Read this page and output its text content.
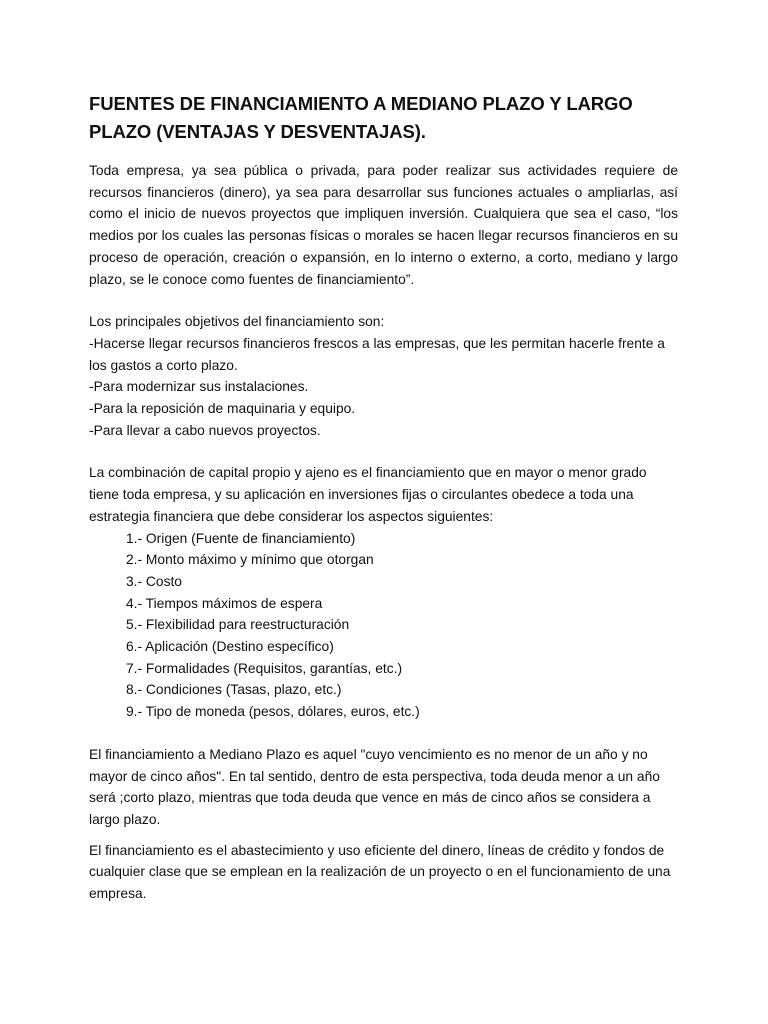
FUENTES DE FINANCIAMIENTO A MEDIANO PLAZO Y LARGO PLAZO (VENTAJAS Y DESVENTAJAS).

Toda empresa, ya sea pública o privada, para poder realizar sus actividades requiere de recursos financieros (dinero), ya sea para desarrollar sus funciones actuales o ampliarlas, así como el inicio de nuevos proyectos que impliquen inversión. Cualquiera que sea el caso, “los medios por los cuales las personas físicas o morales se hacen llegar recursos financieros en su proceso de operación, creación o expansión, en lo interno o externo, a corto, mediano y largo plazo, se le conoce como fuentes de financiamiento”.

Los principales objetivos del financiamiento son:
-Hacerse llegar recursos financieros frescos a las empresas, que les permitan hacerle frente a los gastos a corto plazo.
-Para modernizar sus instalaciones.
-Para la reposición de maquinaria y equipo.
-Para llevar a cabo nuevos proyectos.

La combinación de capital propio y ajeno es el financiamiento que en mayor o menor grado tiene toda empresa, y su aplicación en inversiones fijas o circulantes obedece a toda una estrategia financiera que debe considerar los aspectos siguientes:

1.- Origen (Fuente de financiamiento)
2.- Monto máximo y mínimo que otorgan
3.- Costo
4.- Tiempos máximos de espera
5.- Flexibilidad para reestructuración
6.- Aplicación (Destino específico)
7.- Formalidades (Requisitos, garantías, etc.)
8.- Condiciones (Tasas, plazo, etc.)
9.- Tipo de moneda (pesos, dólares, euros, etc.)

El financiamiento a Mediano Plazo es aquel "cuyo vencimiento es no menor de un año y no mayor de cinco años". En tal sentido, dentro de esta perspectiva, toda deuda menor a un año será ;corto plazo, mientras que toda deuda que vence en más de cinco años se considera a largo plazo.

El financiamiento es el abastecimiento y uso eficiente del dinero, líneas de crédito y fondos de cualquier clase que se emplean en la realización de un proyecto o en el funcionamiento de una empresa.
